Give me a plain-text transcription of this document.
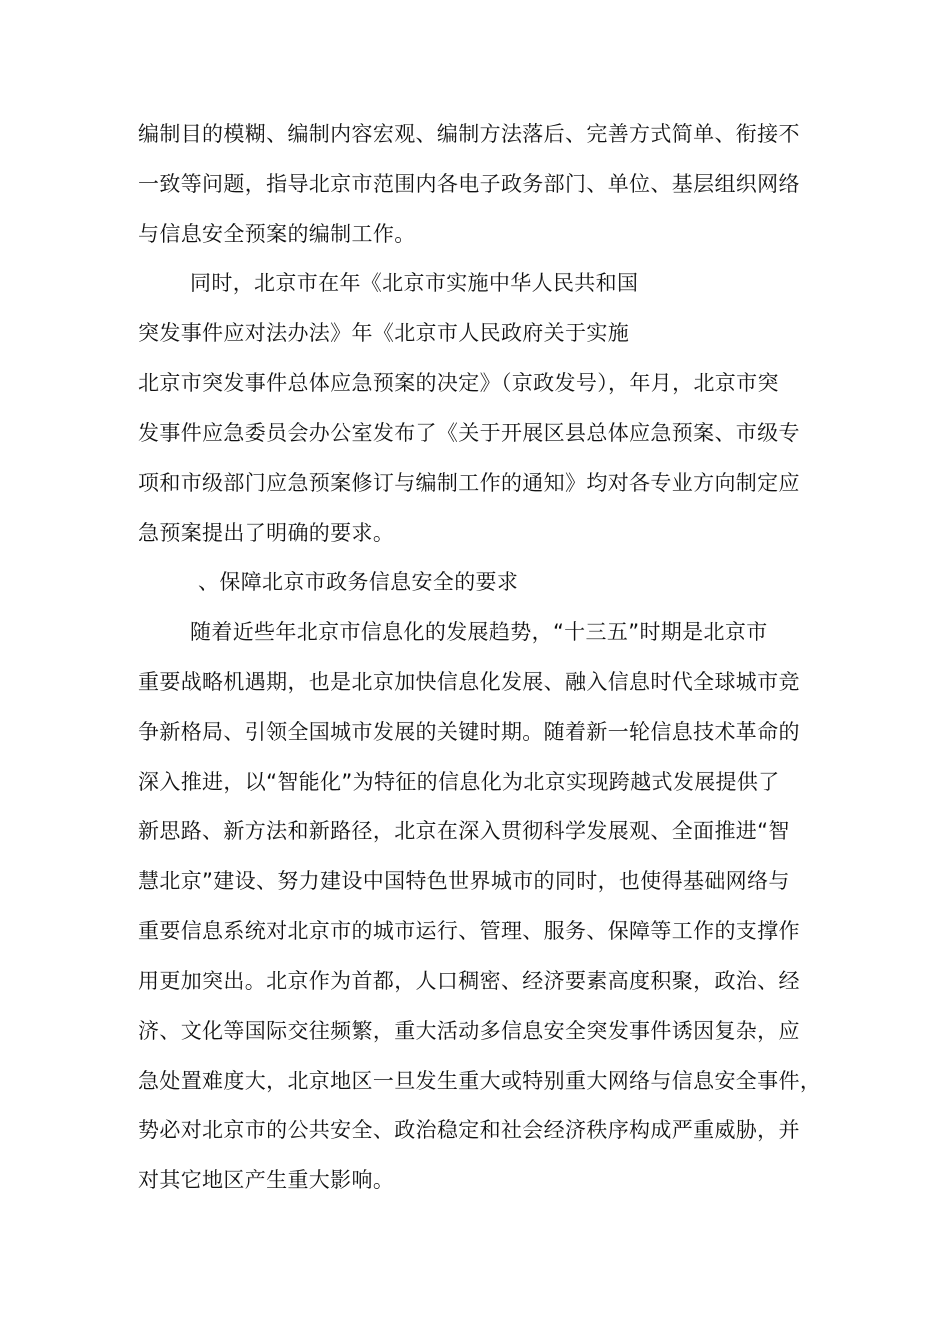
编制目的模糊、编制内容宏观、编制方法落后、完善方式简单、衔接不
一致等问题，指导北京市范围内各电子政务部门、单位、基层组织网络
与信息安全预案的编制工作。
同时，北京市在年《北京市实施中华人民共和国
突发事件应对法办法》年《北京市人民政府关于实施
北京市突发事件总体应急预案的决定》（京政发号），年月，北京市突
发事件应急委员会办公室发布了《关于开展区县总体应急预案、市级专
项和市级部门应急预案修订与编制工作的通知》均对各专业方向制定应
急预案提出了明确的要求。
、保障北京市政务信息安全的要求
随着近些年北京市信息化的发展趋势，“十三五”时期是北京市
重要战略机遇期，也是北京加快信息化发展、融入信息时代全球城市竞
争新格局、引领全国城市发展的关键时期。随着新一轮信息技术革命的
深入推进，以“智能化”为特征的信息化为北京实现跨越式发展提供了
新思路、新方法和新路径，北京在深入贯彻科学发展观、全面推进“智
慧北京”建设、努力建设中国特色世界城市的同时，也使得基础网络与
重要信息系统对北京市的城市运行、管理、服务、保障等工作的支撑作
用更加突出。北京作为首都，人口稠密、经济要素高度积聚，政治、经
济、文化等国际交往频繁，重大活动多信息安全突发事件诱因复杂，应
急处置难度大，北京地区一旦发生重大或特别重大网络与信息安全事件，
势必对北京市的公共安全、政治稳定和社会经济秩序构成严重威胁，并
对其它地区产生重大影响。
